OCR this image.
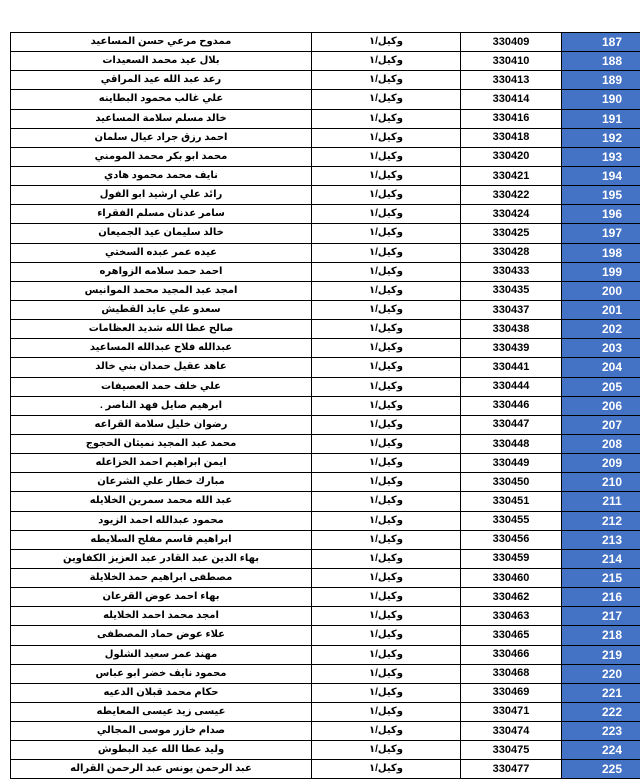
ممدوح مرعي حسن المساعيد	وكيل/١	330409	187
بلال عيد محمد السعيدات	وكيل/١	330410	188
رعد عبد الله عيد المراقي	وكيل/١	330413	189
علي غالب محمود البطاينه	وكيل/١	330414	190
خالد مسلم سلامة المساعيد	وكيل/١	330416	191
احمد رزق جراد عيال سلمان	وكيل/١	330418	192
محمد ابو بكر محمد المومني	وكيل/١	330420	193
نايف محمد محمود هادي	وكيل/١	330421	194
رائد علي ارشيد ابو الفول	وكيل/١	330422	195
سامر عدنان مسلم الفقراء	وكيل/١	330424	196
خالد سليمان عيد الجميعان	وكيل/١	330425	197
عيده عمر عبده السختي	وكيل/١	330428	198
احمد حمد سلامه الزواهره	وكيل/١	330433	199
امجد عبد المجيد محمد الموانيس	وكيل/١	330435	200
سعدو علي عايد القطيش	وكيل/١	330437	201
صالح عطا الله شديد العظامات	وكيل/١	330438	202
عبدالله فلاح عبدالله المساعيد	وكيل/١	330439	203
عاهد عقيل حمدان بني خالد	وكيل/١	330441	204
علي خلف حمد العصيفات	وكيل/١	330444	205
ابرهيم صايل فهد الناصر .	وكيل/١	330446	206
رضوان خليل سلامة القراعه	وكيل/١	330447	207
محمد عبد المجيد نميثان الحجوج	وكيل/١	330448	208
ايمن ابراهيم احمد الخزاعله	وكيل/١	330449	209
مبارك خطار علي الشرعان	وكيل/١	330450	210
عبد الله محمد سمرين الخلايله	وكيل/١	330451	211
محمود عبدالله احمد الزيود	وكيل/١	330455	212
ابراهيم قاسم مفلح السلايطه	وكيل/١	330456	213
بهاء الدين عبد القادر عبد العزيز الكفاوين	وكيل/١	330459	214
مصطفى ابراهيم حمد الخلايلة	وكيل/١	330460	215
بهاء احمد عوض القرعان	وكيل/١	330462	216
امجد محمد احمد الخلايله	وكيل/١	330463	217
علاء عوض حماد المصطفى	وكيل/١	330465	218
مهند عمر سعيد الشلول	وكيل/١	330466	219
محمود نايف خضر ابو عباس	وكيل/١	330468	220
حكام محمد قبلان الدعيه	وكيل/١	330469	221
عيسى زيد عيسى المعايطه	وكيل/١	330471	222
صدام خازر موسى المجالي	وكيل/١	330474	223
وليد عطا الله عيد البطوش	وكيل/١	330475	224
عبد الرحمن يونس عبد الرحمن القراله	وكيل/١	330477	225
